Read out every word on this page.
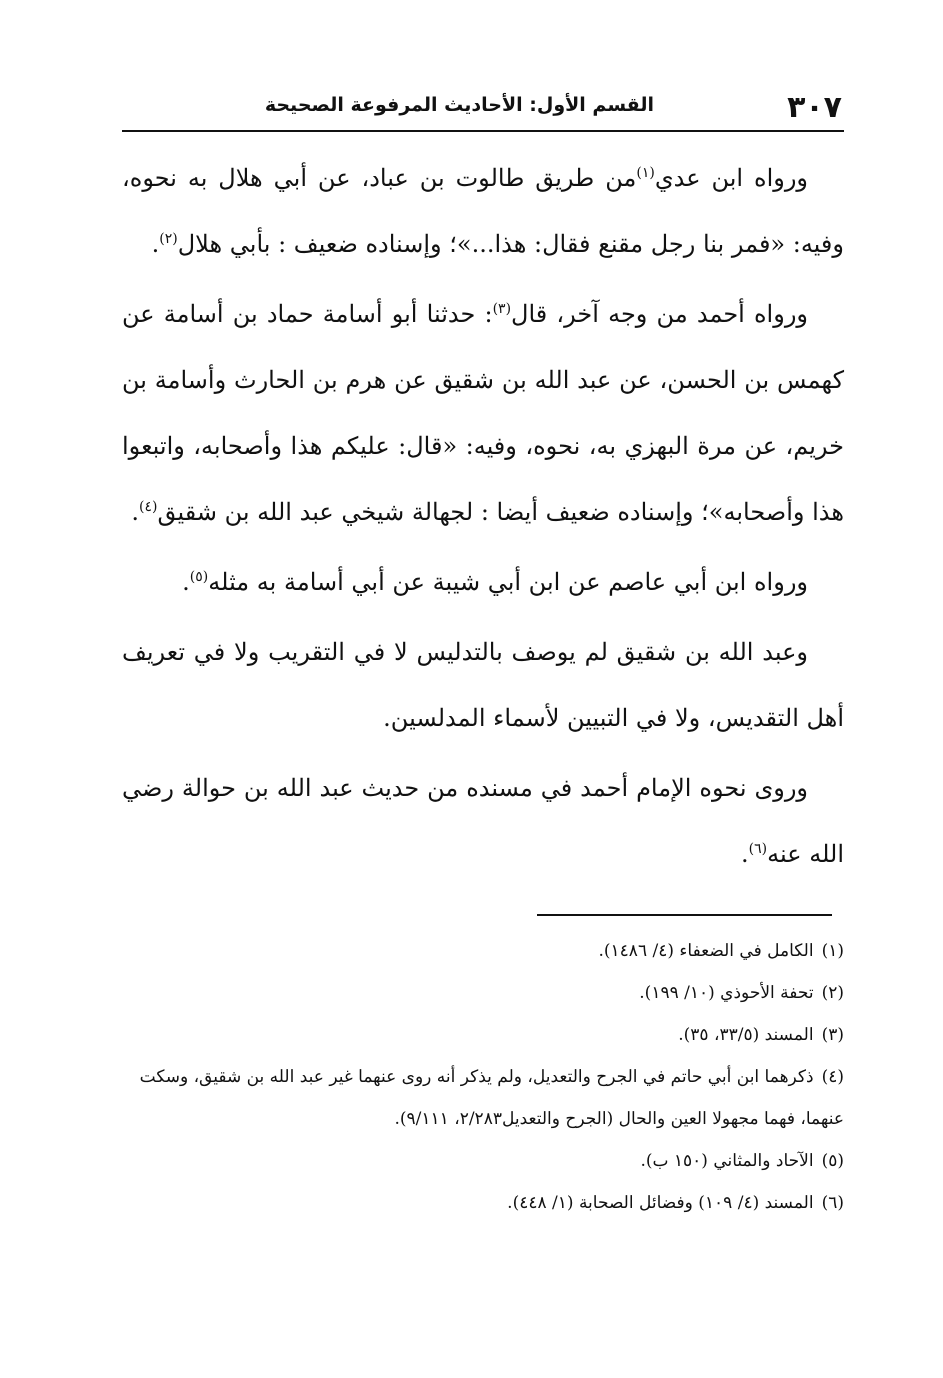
٣٠٧
القسم الأول: الأحاديث المرفوعة الصحيحة

ورواه ابن عدي$^{(١)}$من طريق طالوت بن عباد، عن أبي هلال به نحوه، وفيه: «فمر بنا رجل مقنع فقال: هذا...»؛ وإسناده ضعيف : بأبي هلال$^{(٢)}$.

ورواه أحمد من وجه آخر، قال$^{(٣)}$: حدثنا أبو أسامة حماد بن أسامة عن كهمس بن الحسن، عن عبد الله بن شقيق عن هرم بن الحارث وأسامة بن خريم، عن مرة البهزي به، نحوه، وفيه: «قال: عليكم هذا وأصحابه، واتبعوا هذا وأصحابه»؛ وإسناده ضعيف أيضا : لجهالة شيخي عبد الله بن شقيق$^{(٤)}$.

ورواه ابن أبي عاصم عن ابن أبي شيبة عن أبي أسامة به مثله$^{(٥)}$.

وعبد الله بن شقيق لم يوصف بالتدليس لا في التقريب ولا في تعريف أهل التقديس، ولا في التبيين لأسماء المدلسين.

وروى نحوه الإمام أحمد في مسنده من حديث عبد الله بن حوالة رضي الله عنه$^{(٦)}$.

(١)الكامل في الضعفاء (٤/ ١٤٨٦).

(٢)تحفة الأحوذي (١٠/ ١٩٩).

(٣)المسند (٣٣/٥، ٣٥).

(٤)ذكرهما ابن أبي حاتم في الجرح والتعديل، ولم يذكر أنه روى عنهما غير عبد الله بن شقيق، وسكت عنهما، فهما مجهولا العين والحال (الجرح والتعديل٢/٢٨٣، ٩/١١١).

(٥)الآحاد والمثاني (١٥٠ ب).

(٦)المسند (٤/ ١٠٩) وفضائل الصحابة (١/ ٤٤٨).
